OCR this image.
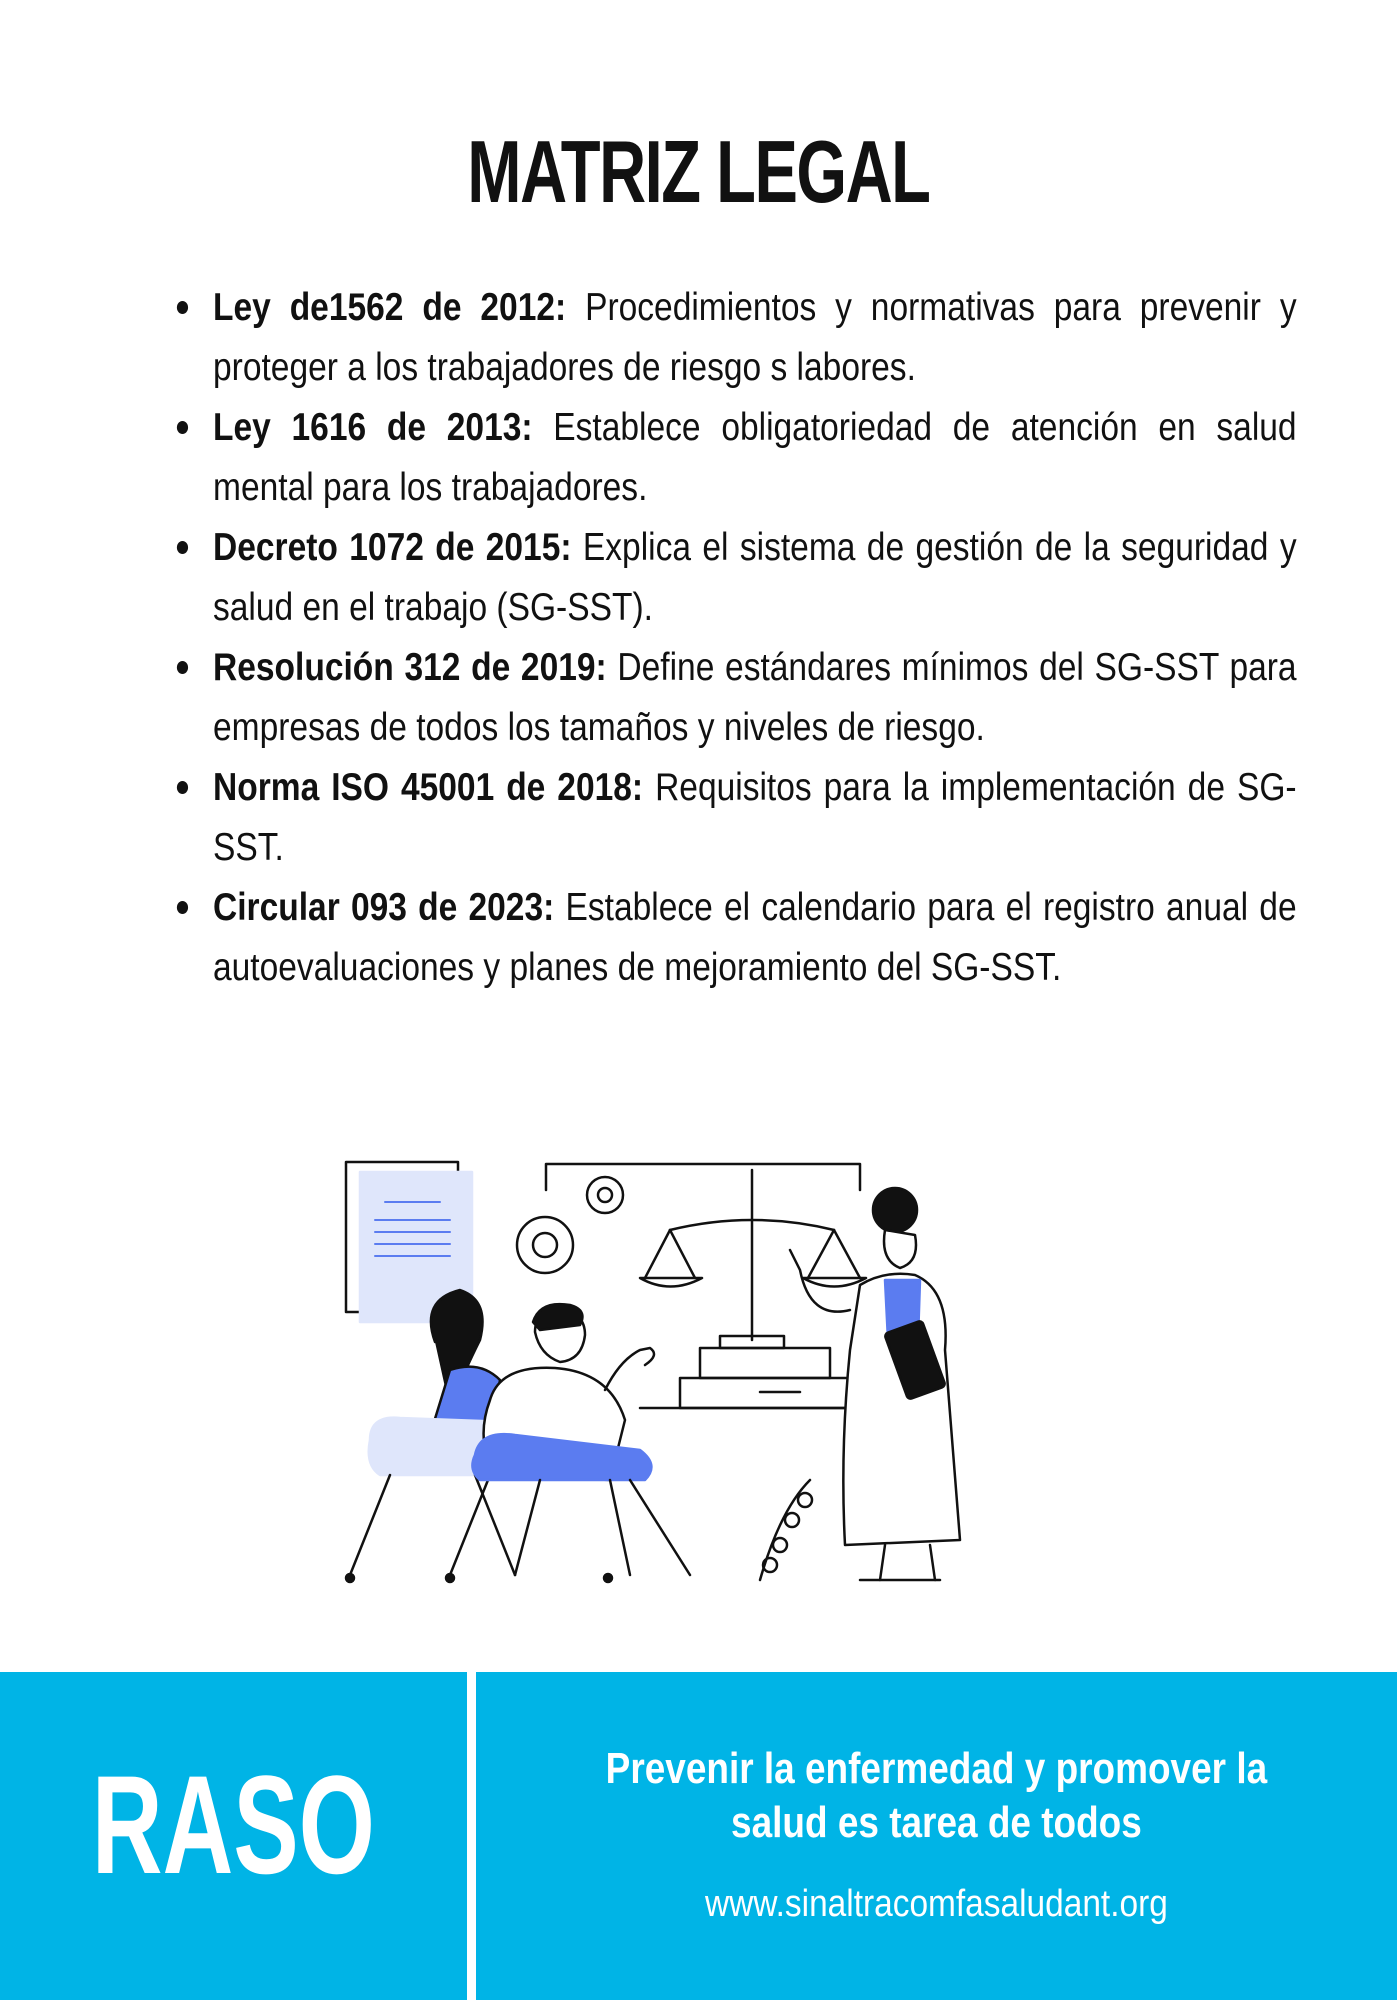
MATRIZ LEGAL
Ley de1562 de 2012: Procedimientos y normativas para prevenir y proteger a los trabajadores de riesgo s labores.
Ley 1616 de 2013: Establece obligatoriedad de atención en salud mental para los trabajadores.
Decreto 1072 de 2015: Explica el sistema de gestión de la seguridad y salud en el trabajo (SG-SST).
Resolución 312 de 2019: Define estándares mínimos del SG-SST para empresas de todos los tamaños y niveles de riesgo.
Norma ISO 45001 de 2018: Requisitos para la implementación de SG-SST.
Circular 093 de 2023: Establece el calendario para el registro anual de autoevaluaciones y planes de mejoramiento del SG-SST.
RASO	Prevenir la enfermedad y promover la
salud es tarea de todos
www.sinaltracomfasaludant.org
